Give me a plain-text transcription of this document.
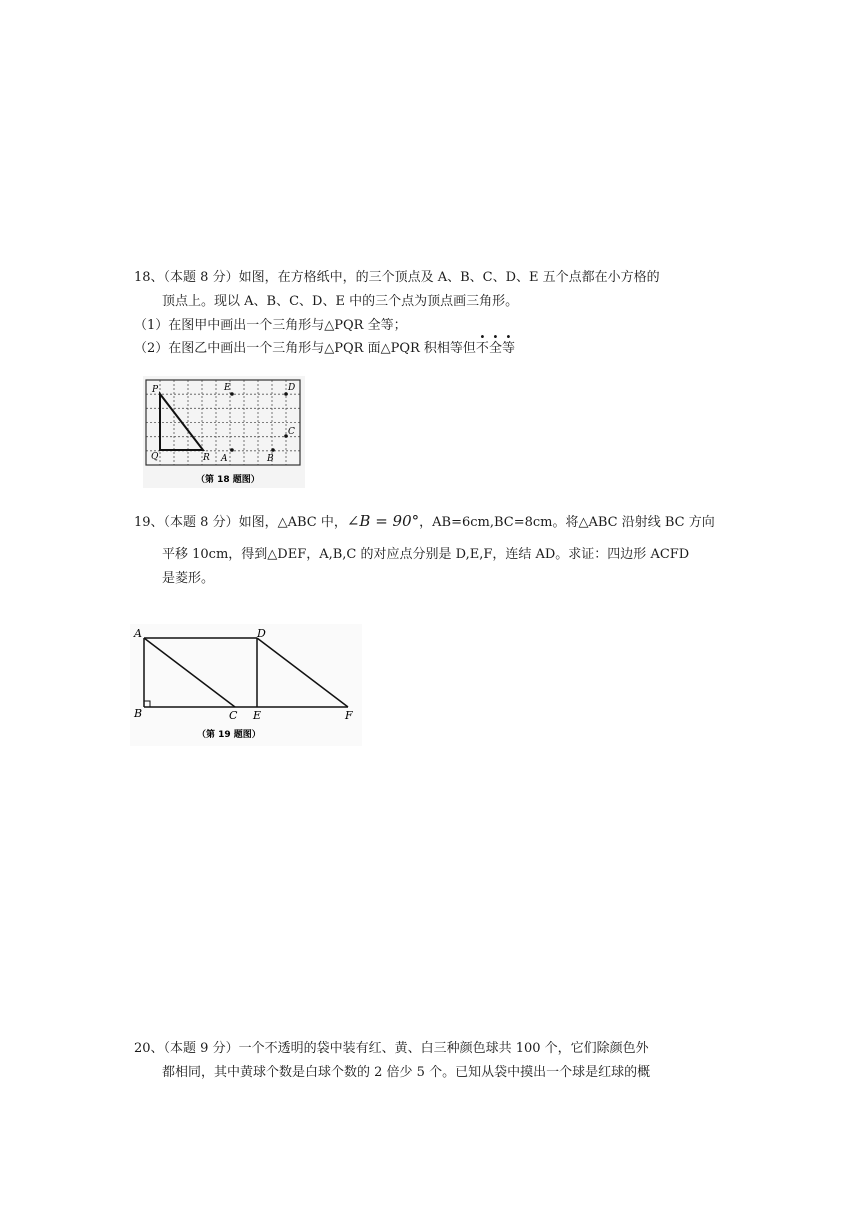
18、（本题 8 分）如图，在方格纸中，的三个顶点及 A、B、C、D、E 五个点都在小方格的
顶点上。现以 A、B、C、D、E 中的三个点为顶点画三角形。
（1）在图甲中画出一个三角形与△PQR 全等；
（2）在图乙中画出一个三角形与△PQR 面△PQR 积相等但不全等
P
Q	R
E	D
C
A	B
（第 18 题图）
19、（本题 8 分）如图，△ABC 中，∠B = 90°，AB=6cm,BC=8cm。将△ABC 沿射线 BC 方向
平移 10cm，得到△DEF，A,B,C 的对应点分别是 D,E,F，连结 AD。求证：四边形 ACFD
是菱形。
A
B	C
D
E	F
（第 19 题图）
20、（本题 9 分）一个不透明的袋中装有红、黄、白三种颜色球共 100 个，它们除颜色外
都相同，其中黄球个数是白球个数的 2 倍少 5 个。已知从袋中摸出一个球是红球的概
